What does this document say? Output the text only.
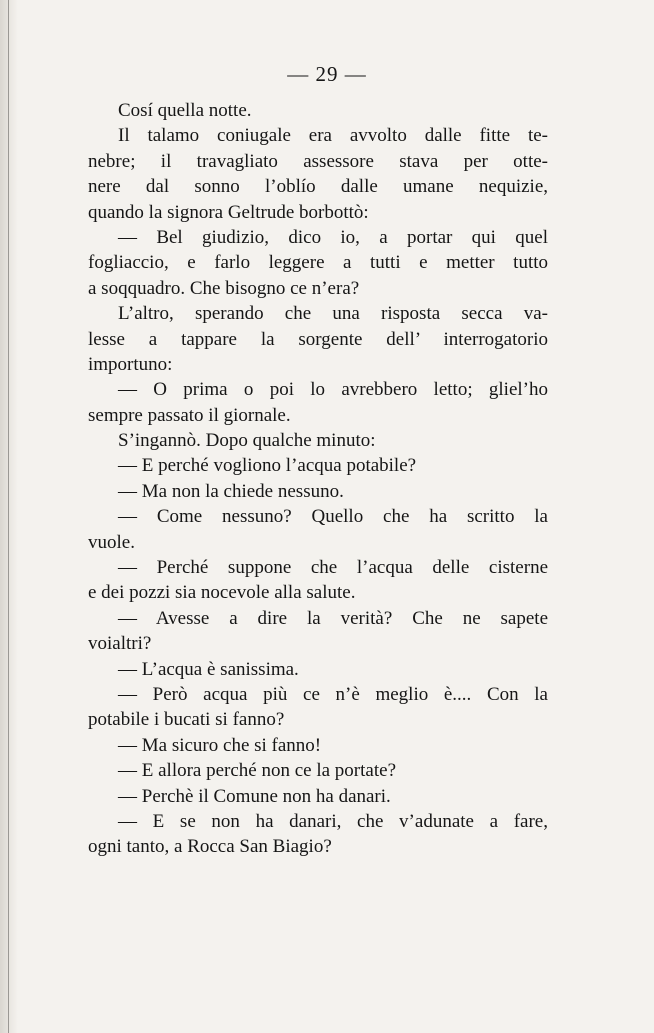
— 29 —
Cosí quella notte.
Il talamo coniugale era avvolto dalle fitte te-
nebre; il travagliato assessore stava per otte-
nere dal sonno l’oblío dalle umane nequizie,
quando la signora Geltrude borbottò:
— Bel giudizio, dico io, a portar qui quel
fogliaccio, e farlo leggere a tutti e metter tutto
a soqquadro. Che bisogno ce n’era?
L’altro, sperando che una risposta secca va-
lesse a tappare la sorgente dell’ interrogatorio
importuno:
— O prima o poi lo avrebbero letto; gliel’ho
sempre passato il giornale.
S’ingannò. Dopo qualche minuto:
— E perché vogliono l’acqua potabile?
— Ma non la chiede nessuno.
— Come nessuno? Quello che ha scritto la
vuole.
— Perché suppone che l’acqua delle cisterne
e dei pozzi sia nocevole alla salute.
— Avesse a dire la verità? Che ne sapete
voialtri?
— L’acqua è sanissima.
— Però acqua più ce n’è meglio è.... Con la
potabile i bucati si fanno?
— Ma sicuro che si fanno!
— E allora perché non ce la portate?
— Perchè il Comune non ha danari.
— E se non ha danari, che v’adunate a fare,
ogni tanto, a Rocca San Biagio?
